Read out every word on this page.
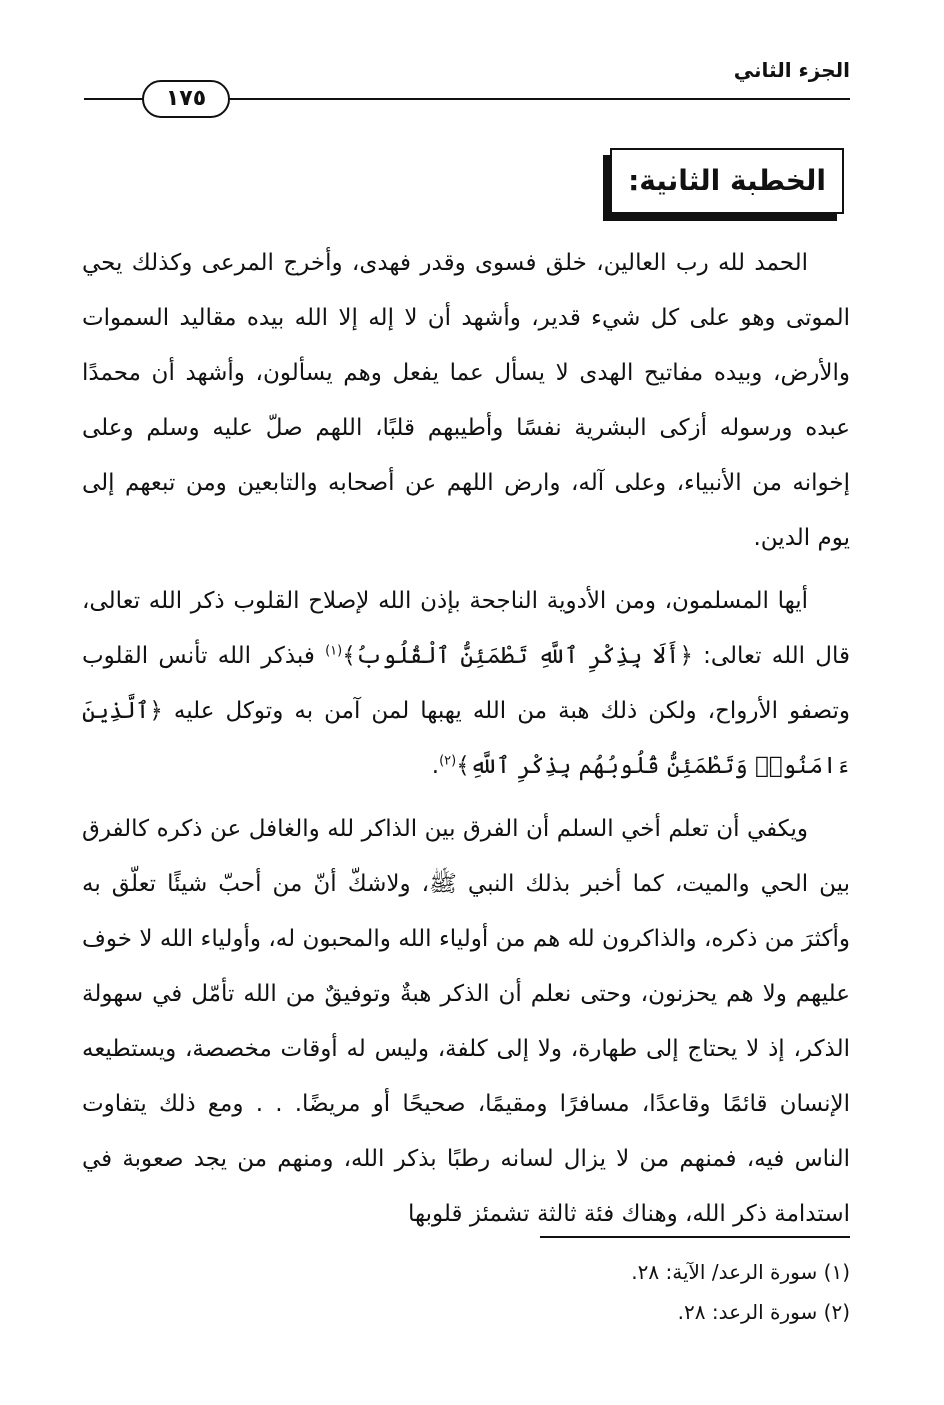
الجزء الثاني
١٧٥
الخطبة الثانية:

الحمد لله رب العالين، خلق فسوى وقدر فهدى، وأخرج المرعى وكذلك يحي الموتى وهو على كل شيء قدير، وأشهد أن لا إله إلا الله بيده مقاليد السموات والأرض، وبيده مفاتيح الهدى لا يسأل عما يفعل وهم يسألون، وأشهد أن محمدًا عبده ورسوله أزكى البشرية نفسًا وأطيبهم قلبًا، اللهم صلّ عليه وسلم وعلى إخوانه من الأنبياء، وعلى آله، وارض اللهم عن أصحابه والتابعين ومن تبعهم إلى يوم الدين.

أيها المسلمون، ومن الأدوية الناجحة بإذن الله لإصلاح القلوب ذكر الله تعالى، قال الله تعالى: ﴿أَلَا بِذِكْرِ ٱللَّهِ تَطْمَئِنُّ ٱلْقُلُوبُ﴾$^{(١)}$ فبذكر الله تأنس القلوب وتصفو الأرواح، ولكن ذلك هبة من الله يهبها لمن آمن به وتوكل عليه ﴿ٱلَّذِينَ ءَامَنُوا۟ وَتَطْمَئِنُّ قُلُوبُهُم بِذِكْرِ ٱللَّهِ﴾$^{(٢)}$.

ويكفي أن تعلم أخي السلم أن الفرق بين الذاكر لله والغافل عن ذكره كالفرق بين الحي والميت، كما أخبر بذلك النبي ﷺ، ولاشكّ أنّ من أحبّ شيئًا تعلّق به وأكثرَ من ذكره، والذاكرون لله هم من أولياء الله والمحبون له، وأولياء الله لا خوف عليهم ولا هم يحزنون، وحتى نعلم أن الذكر هبةٌ وتوفيقٌ من الله تأمّل في سهولة الذكر، إذ لا يحتاج إلى طهارة، ولا إلى كلفة، وليس له أوقات مخصصة، ويستطيعه الإنسان قائمًا وقاعدًا، مسافرًا ومقيمًا، صحيحًا أو مريضًا. . . ومع ذلك يتفاوت الناس فيه، فمنهم من لا يزال لسانه رطبًا بذكر الله، ومنهم من يجد صعوبة في استدامة ذكر الله، وهناك فئة ثالثة تشمئز قلوبها

(١) سورة الرعد/ الآية: ٢٨.
(٢) سورة الرعد: ٢٨.
